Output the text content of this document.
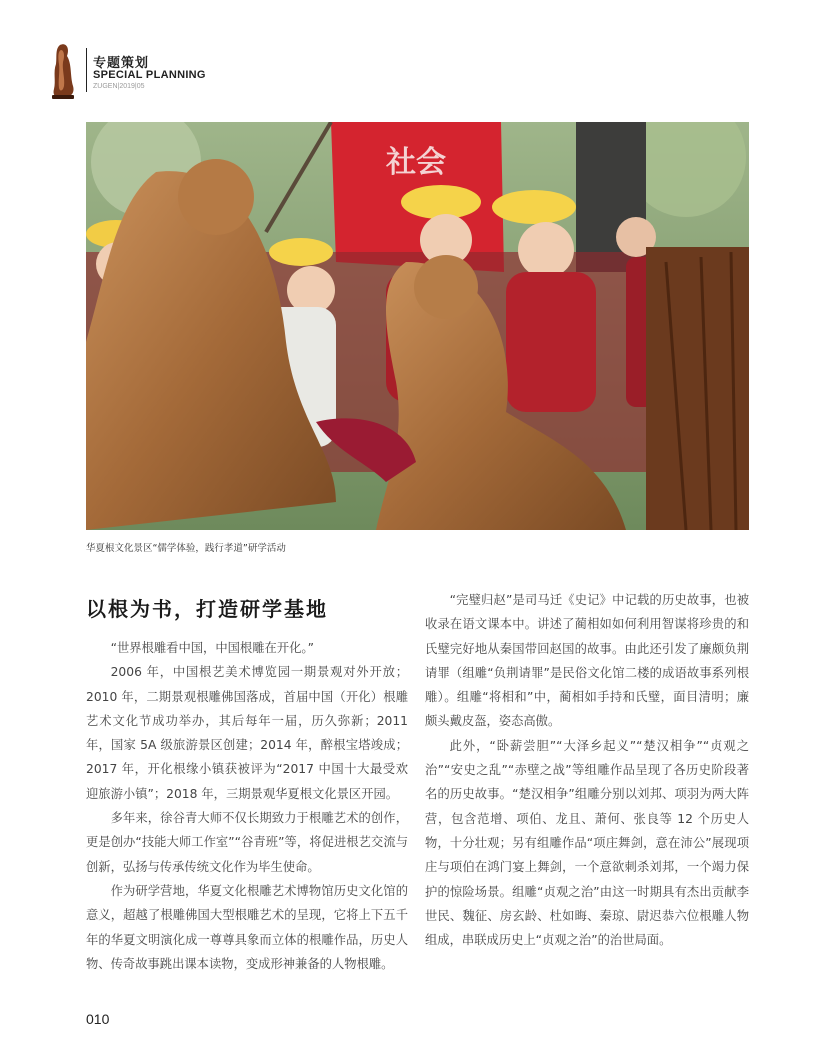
专题策划
SPECIAL PLANNING
ZUGEN|2019|05
社会
华夏根文化景区“儒学体验，践行孝道”研学活动
以根为书，打造研学基地

“世界根雕看中国，中国根雕在开化。”

2006 年，中国根艺美术博览园一期景观对外开放；2010 年，二期景观根雕佛国落成，首届中国（开化）根雕艺术文化节成功举办，其后每年一届，历久弥新；2011 年，国家 5A 级旅游景区创建；2014 年，醉根宝塔竣成；2017 年，开化根缘小镇获被评为“2017 中国十大最受欢迎旅游小镇”；2018 年，三期景观华夏根文化景区开园。

多年来，徐谷青大师不仅长期致力于根雕艺术的创作，更是创办“技能大师工作室”“谷青班”等，将促进根艺交流与创新，弘扬与传承传统文化作为毕生使命。

作为研学营地，华夏文化根雕艺术博物馆历史文化馆的意义，超越了根雕佛国大型根雕艺术的呈现，它将上下五千年的华夏文明演化成一尊尊具象而立体的根雕作品，历史人物、传奇故事跳出课本读物，变成形神兼备的人物根雕。

“完璧归赵”是司马迁《史记》中记载的历史故事，也被收录在语文课本中。讲述了蔺相如如何利用智谋将珍贵的和氏璧完好地从秦国带回赵国的故事。由此还引发了廉颇负荆请罪（组雕“负荆请罪”是民俗文化馆二楼的成语故事系列根雕）。组雕“将相和”中，蔺相如手持和氏璧，面目清明；廉颇头戴皮盔，姿态高傲。

此外，“卧薪尝胆”“大泽乡起义”“楚汉相争”“贞观之治”“安史之乱”“赤壁之战”等组雕作品呈现了各历史阶段著名的历史故事。“楚汉相争”组雕分别以刘邦、项羽为两大阵营，包含范增、项伯、龙且、萧何、张良等 12 个历史人物，十分壮观；另有组雕作品“项庄舞剑，意在沛公”展现项庄与项伯在鸿门宴上舞剑，一个意欲刺杀刘邦，一个竭力保护的惊险场景。组雕“贞观之治”由这一时期具有杰出贡献李世民、魏征、房玄龄、杜如晦、秦琼、尉迟恭六位根雕人物组成，串联成历史上“贞观之治”的治世局面。

010
